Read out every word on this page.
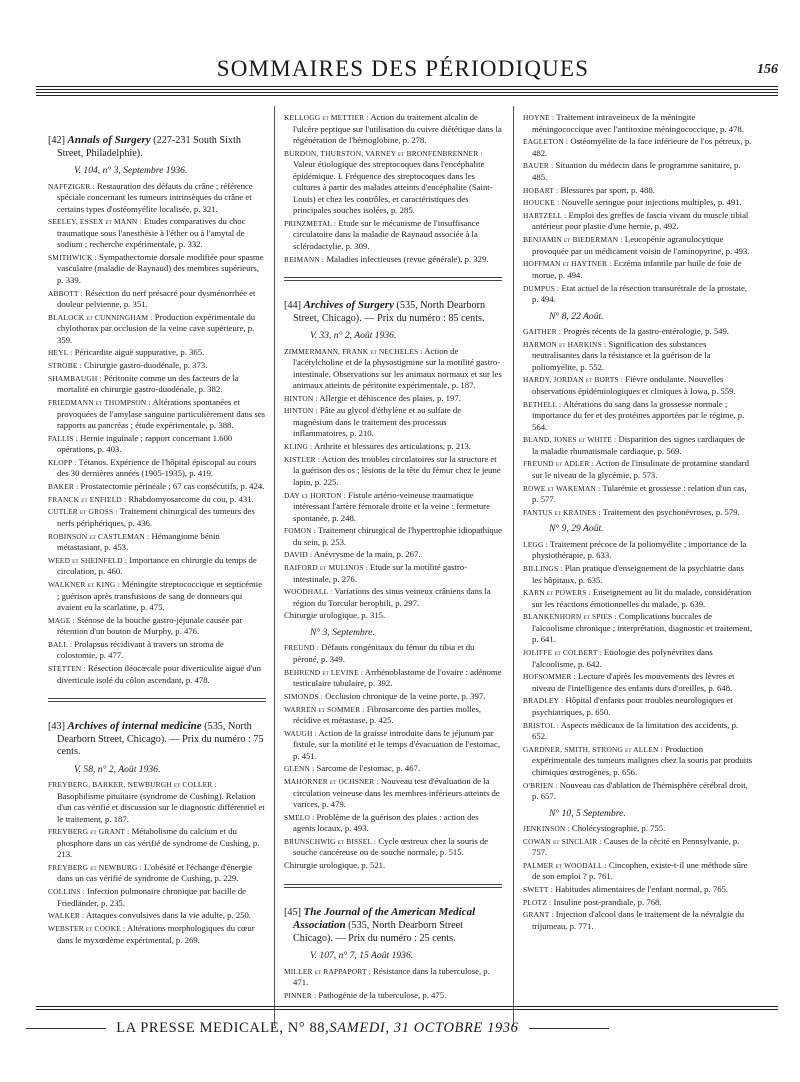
SOMMAIRES DES PÉRIODIQUES	156
[42] Annals of Surgery (227-231 South Sixth Street, Philadelphie).
V. 104, n° 3, Septembre 1936.
NAFFZIGER : Restauration des défauts du crâne ; référence spéciale concernant les tumeurs intrinsèques du crâne et certains types d'ostéomyélite localisée, p. 321.
SEELEY, ESSEX et MANN : Etudes comparatives du choc traumatique sous l'anesthésie à l'éther ou à l'amytal de sodium ; recherche expérimentale, p. 332.
SMITHWICK : Sympathectomie dorsale modifiée pour spasme vasculaire (maladie de Raynaud) des membres supérieurs, p. 339.
ABBOTT : Résection du nerf présacré pour dysménorrhée et douleur pelvienne, p. 351.
BLALOCK et CUNNINGHAM : Production expérimentale du chylothorax par occlusion de la veine cave supérieure, p. 359.
HEYL : Péricardite aiguë suppurative, p. 365.
STROBE : Chirurgie gastro-duodénale, p. 373.
SHAMBAUGH : Péritonite comme un des facteurs de la mortalité en chirurgie gastro-duodénale, p. 382.
FRIEDMANN et THOMPSON : Altérations spontanées et provoquées de l'amylase sanguine particulièrement dans ses rapports au pancréas ; étude expérimentale, p. 388.
FALLIS : Hernie inguinale ; rapport concernant 1.600 opérations, p. 403.
KLOPP : Tétanos. Expérience de l'hôpital épiscopal au cours des 30 dernières années (1905-1935), p. 419.
BAKER : Prostatectomie périnéale ; 67 cas consécutifs, p. 424.
FRANCK et ENFIELD : Rhabdomyosarcome du cou, p. 431.
CUTLER et GROSS : Traitement chirurgical des tumeurs des nerfs périphériques, p. 436.
ROBINSON et CASTLEMAN : Hémangiome bénin métastasiant, p. 453.
WEED et SHEINFELD : Importance en chirurgie du temps de circulation, p. 460.
WALKNER et KING : Méningite streptococcique et septicémie ; guérison après transfusions de sang de donneurs qui avaient eu la scarlatine, p. 475.
MAGE : Sténose de la bouche gastro-jéjunale causée par rétention d'un bouton de Murphy, p. 476.
BALL : Prolapsus récidivant à travers un stroma de colostomie, p. 477.
STETTEN : Résection iléocæcale pour diverticulite aiguë d'un diverticule isolé du côlon ascendant, p. 478.
[43] Archives of internal medicine (535, North Dearborn Street, Chicago). — Prix du numéro : 75 cents.
V. 58, n° 2, Août 1936.
FREYBERG, BARKER, NEWBURGH et COLLER : Basophilisme pituitaire (syndrome de Cushing). Relation d'un cas vérifié et discussion sur le diagnostic différentiel et le traitement, p. 187.
FREYBERG et GRANT : Métabolisme du calcium et du phosphore dans un cas vérifié de syndrome de Cushing, p. 213.
FREYBERG et NEWBURG : L'obésité et l'échange d'énergie dans un cas vérifié de syndrome de Cushing, p. 229.
COLLINS : Infection pulmonaire chronique par bacille de Friedländer, p. 235.
WALKER : Attaques convulsives dans la vie adulte, p. 250.
WEBSTER et COOKE : Altérations morphologiques du cœur dans le myxœdème expérimental, p. 269.
KELLOGG et METTIER : Action du traitement alcalin de l'ulcère peptique sur l'utilisation du cuivre diététique dans la régénération de l'hémoglobine, p. 278.
BURDON, THURSTON, VARNEY et BRONFENBRENNER : Valeur étiologique des streptocoques dans l'encéphalite épidémique. I. Fréquence des streptocoques dans les cultures à partir des malades atteints d'encéphalite (Saint-Louis) et chez les contrôles, et caractéristiques des principales souches isolées, p. 285.
PRINZMETAL : Etude sur le mécanisme de l'insuffisance circulatoire dans la maladie de Raynaud associée à la sclérodactylie, p. 309.
REIMANN : Maladies infectieuses (revue générale), p. 329.
[44] Archives of Surgery (535, North Dearborn Street, Chicago). — Prix du numéro : 85 cents.
V. 33, n° 2, Août 1936.
ZIMMERMANN, FRANK et NECHELES : Action de l'acétylcholine et de la physostigmine sur la motilité gastro-intestinale. Observations sur les animaux normaux et sur les animaux atteints de péritonite expérimentale, p. 187.
HINTON : Allergie et déhiscence des plaies, p. 197.
HINTON : Pâte au glycol d'éthylène et au sulfate de magnésium dans le traitement des processus inflammatoires, p. 210.
KLING : Arthrite et blessures des articulations, p. 213.
KISTLER : Action des troubles circulatoires sur la structure et la guérison des os ; lésions de la tête du fémur chez le jeune lapin, p. 225.
DAY et HORTON : Fistule artério-veineuse traumatique intéressant l'artère fémorale droite et la veine : fermeture spontanée, p. 248.
FOMON : Traitement chirurgical de l'hypertrophie idiopathique du sein, p. 253.
DAVID : Anévrysme de la main, p. 267.
RAIFORD et MULINOS : Etude sur la motilité gastro-intestinale, p. 276.
WOODHALL : Variations des sinus veineux crâniens dans la région du Torcular herophili, p. 297.
Chirurgie urologique, p. 315.
N° 3, Septembre.
FREUND : Défauts congénitaux du fémur du tibia et du péroné, p. 349.
BEHREND et LEVINE : Arrhénoblastome de l'ovaire : adénome testiculaire tubulaire, p. 392.
SIMONDS : Occlusion chronique de la veine porte, p. 397.
WARREN et SOMMER : Fibrosarcome des parties molles, récidive et métastase, p. 425.
WAUGH : Action de la graisse introduite dans le jéjunum par fistule, sur la motilité et le temps d'évacuation de l'estomac, p. 451.
GLENN : Sarcome de l'estomac, p. 467.
MAHORNER et OCHSNER : Nouveau test d'évaluation de la circulation veineuse dans les membres inférieurs atteints de varices, p. 479.
SMELO : Problème de la guérison des plaies : action des agents locaux, p. 493.
BRUNSCHWIG et BISSEL : Cycle œstreux chez la souris de souche cancéreuse ou de souche normale, p. 515.
Chirurgie urologique, p. 521.
[45] The Journal of the American Medical Association (535, North Dearborn Street Chicago). — Prix du numéro : 25 cents.
V. 107, n° 7, 15 Août 1936.
MILLER et RAPPAPORT : Résistance dans la tuberculose, p. 471.
PINNER : Pathogénie de la tuberculose, p. 475.
HOYNE : Traitement intraveineux de la méningite méningococcique avec l'antitoxine méningococcique, p. 478.
EAGLETON : Ostéomyélite de la face inférieure de l'os pétreux, p. 482.
BAUER : Situation du médecin dans le programme sanitaire, p. 485.
HOBART : Blessures par sport, p. 488.
HOUCKE : Nouvelle seringue pour injections multiples, p. 491.
HARTZELL : Emploi des greffes de fascia vivant du muscle tibial antérieur pour plastie d'une hernie, p. 492.
BENJAMIN et BIEDERMAN : Leucopénie agranulocytique provoquée par un médicament voisin de l'aminopyrine, p. 493.
HOFFMAN et HAYTNER : Eczéma infantile par huile de foie de morue, p. 494.
DUMPUS : Etat actuel de la résection transurétrale de la prostate, p. 494.
N° 8, 22 Août.
GAITHER : Progrès récents de la gastro-entérologie, p. 549.
HARMON et HARKINS : Signification des substances neutralisantes dans la résistance et la guérison de la poliomyélite, p. 552.
HARDY, JORDAN et BORTS : Fièvre ondulante. Nouvelles observations épidémiologiques et cliniques à Iowa, p. 559.
BETHELL : Altérations du sang dans la grossesse normale ; importance du fer et des protéines apportées par le régime, p. 564.
BLAND, JONES et WHITE : Disparition des signes cardiaques de la maladie rhumatismale cardiaque, p. 569.
FREUND et ADLER : Action de l'insulinate de protamine standard sur le niveau de la glycémie, p. 573.
ROWE et WAKEMAN : Tularémie et grossesse : relation d'un cas, p. 577.
FANTUS et KRAINES : Traitement des psychonévroses, p. 579.
N° 9, 29 Août.
LEGG : Traitement précoce de la poliomyélite ; importance de la physiothérapie, p. 633.
BILLINGS : Plan pratique d'enseignement de la psychiatrie dans les hôpitaux, p. 635.
KARN et POWERS : Enseignement au lit du malade, considération sur les réactions émotionnelles du malade, p. 639.
BLANKENHORN et SPIES : Complications buccales de l'alcoolisme chronique ; interprétation, diagnostic et traitement, p. 641.
JOLIFFE et COLBERT : Etiologie des polynévrites dans l'alcoolisme, p. 642.
HOFSOMMER : Lecture d'après les mouvements des lèvres et niveau de l'intelligence des enfants durs d'oreilles, p. 648.
BRADLEY : Hôpital d'enfants pour troubles neurologiques et psychiatriques, p. 650.
BRISTOL : Aspects médicaux de la limitation des accidents, p. 652.
GARDNER, SMITH, STRONG et ALLEN : Production expérimentale des tumeurs malignes chez la souris par produits chimiques œstrogènes, p. 656.
O'BRIEN : Nouveau cas d'ablation de l'hémisphère cérébral droit, p. 657.
N° 10, 5 Septembre.
JENKINSON : Cholécystographie, p. 755.
COWAN et SINCLAIR : Causes de la cécité en Pennsylvanie, p. 757.
PALMER et WOODALL : Cincophen, existe-t-il une méthode sûre de son emploi ? p. 761.
SWETT : Habitudes alimentaires de l'enfant normal, p. 765.
PLOTZ : Insuline post-prandiale, p. 768.
GRANT : Injection d'alcool dans le traitement de la névralgie du trijumeau, p. 771.
LA PRESSE MEDICALE, N° 88,SAMEDI, 31 OCTOBRE 1936
